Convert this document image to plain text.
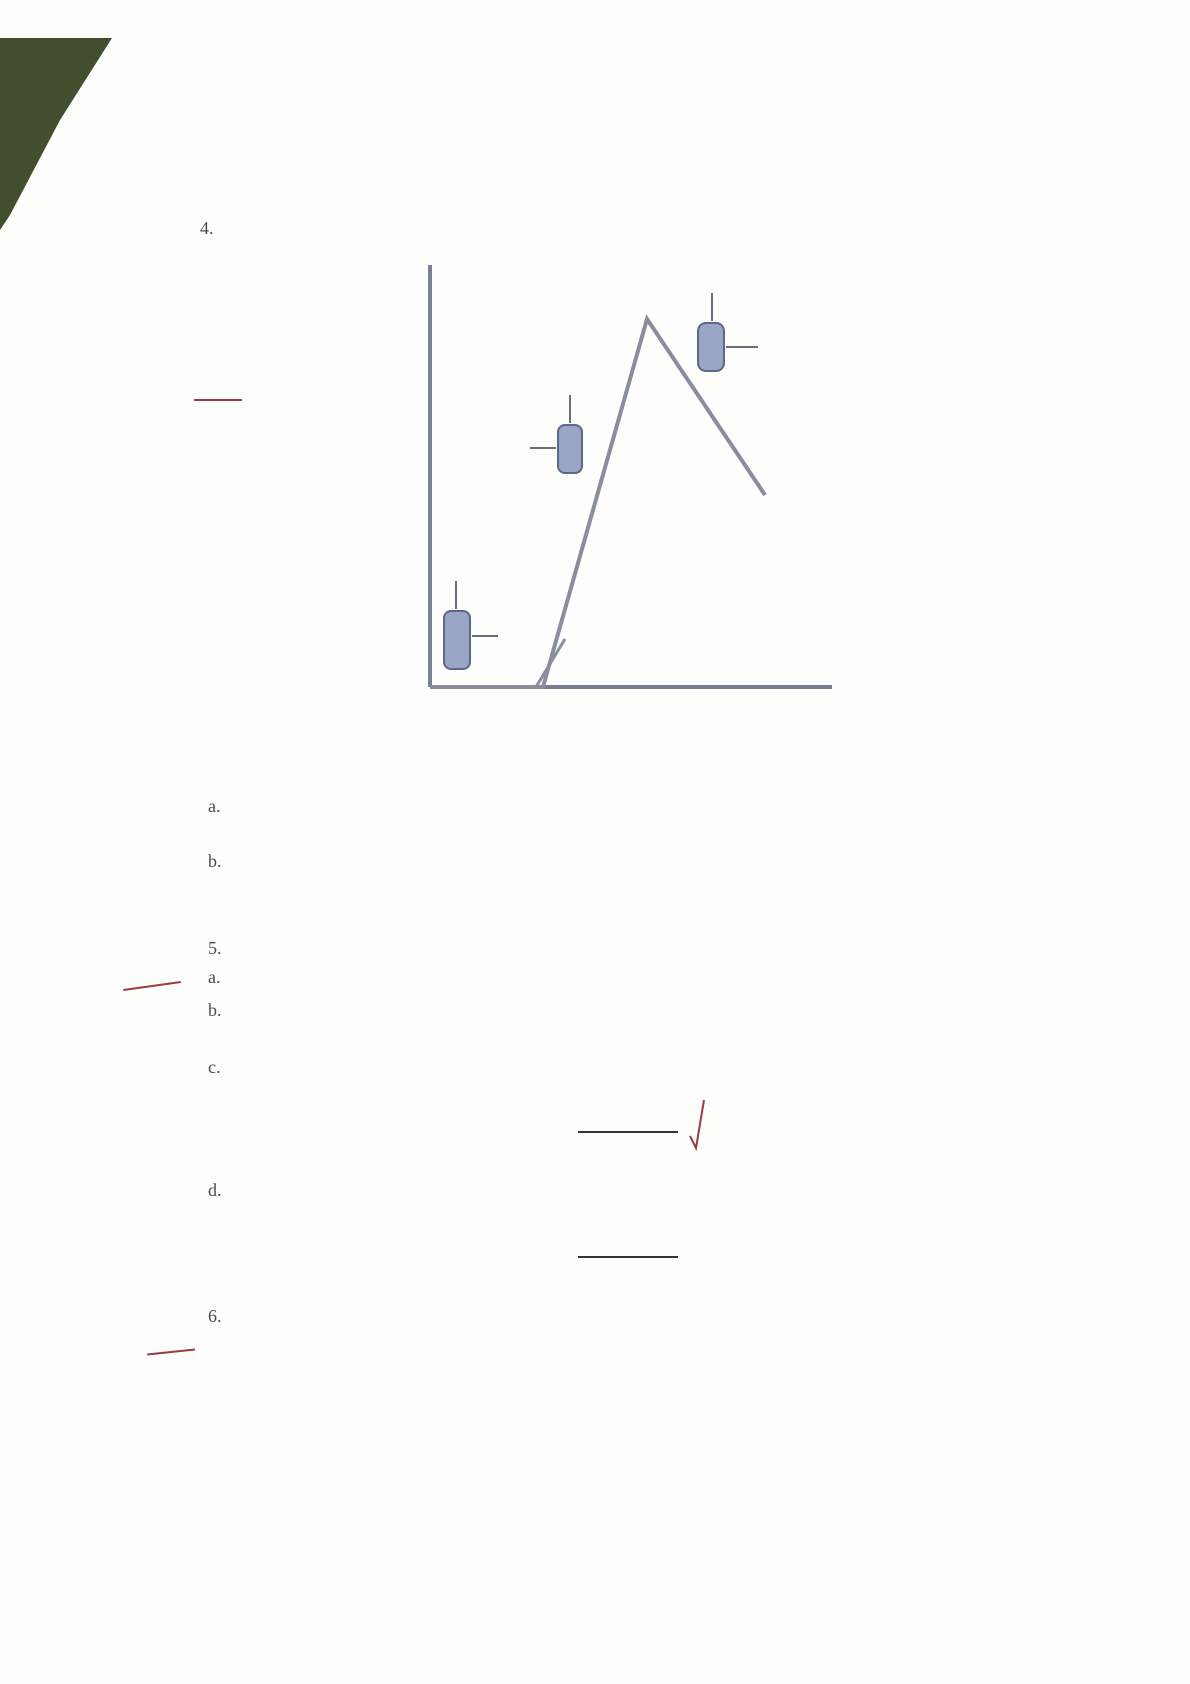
4.
a.
b.
5.
a.
b.
c.
d.
6.
